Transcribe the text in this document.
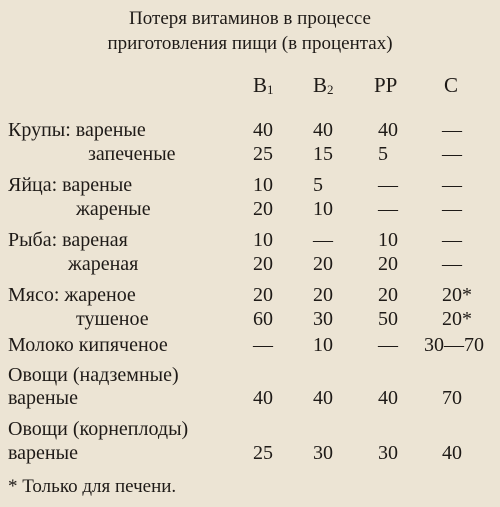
Потеря витаминов в процессе
приготовления пищи (в процентах)
$B_1$ $B_2$ PP C
Крупы: вареные	40 40 40 —
запеченые	25 15 5	—
Яйца: вареные	10 5	— —
жареные	20 10 — —
Рыба: вареная	10 — 10 —
жареная	20 20 20 —
Мясо: жареное	20 20 20 20*
тушеное	60 30 50 20*
Молоко кипяченое	— 10 — 30—70
Овощи (надземные)
вареные	40 40 40 70
Овощи (корнеплоды)
вареные	25 30 30 40
* Только для печени.
